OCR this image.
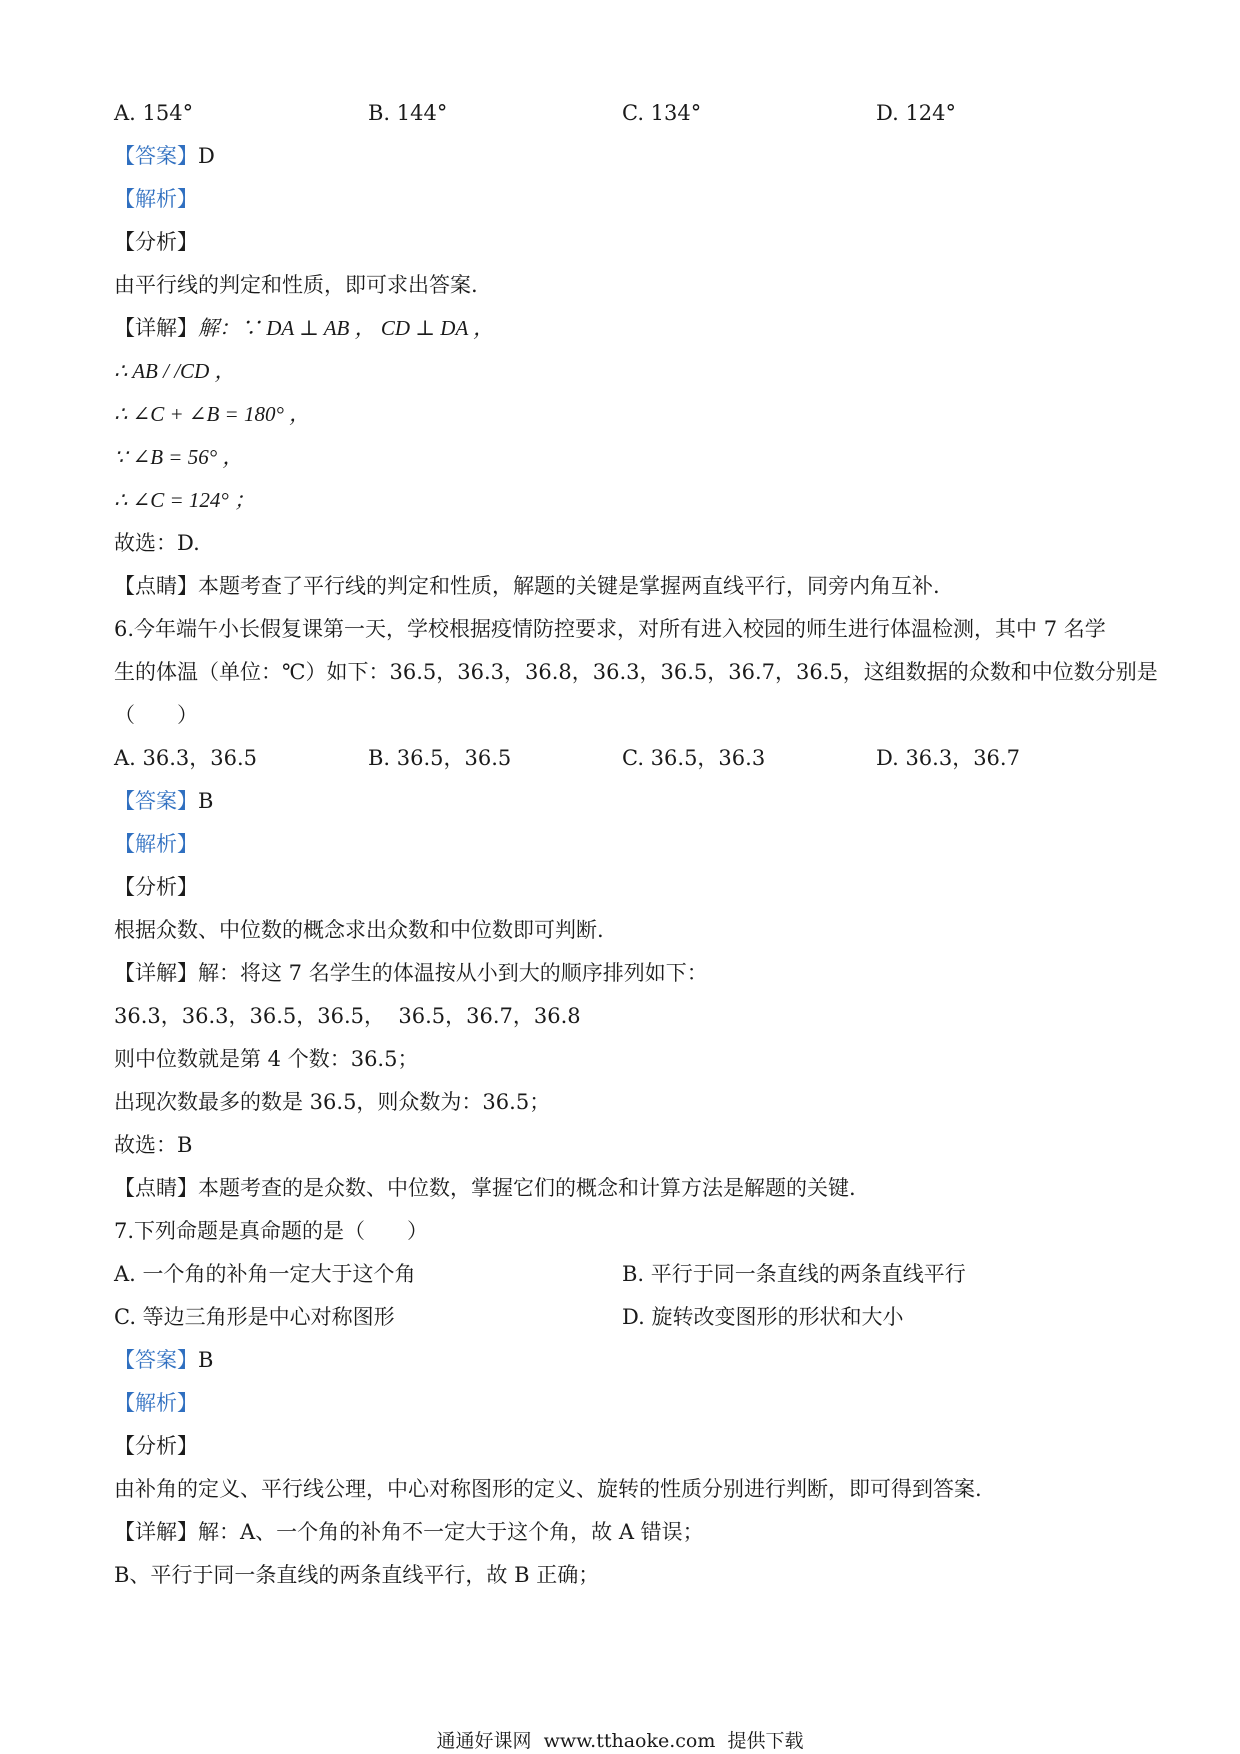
A. 154°	B. 144°	C. 134°	D. 124°
【答案】D
【解析】
【分析】
由平行线的判定和性质，即可求出答案.
【详解】解：∵ DA ⊥ AB ， CD ⊥ DA ，
∴ AB / /CD ，
∴ ∠C + ∠B = 180° ，
∵ ∠B = 56° ，
∴ ∠C = 124° ；
故选：D.
【点睛】本题考查了平行线的判定和性质，解题的关键是掌握两直线平行，同旁内角互补.
6.今年端午小长假复课第一天，学校根据疫情防控要求，对所有进入校园的师生进行体温检测，其中 7 名学
生的体温（单位：℃）如下：36.5，36.3，36.8，36.3，36.5，36.7，36.5，这组数据的众数和中位数分别是
（　　）
A. 36.3，36.5	B. 36.5，36.5	C. 36.5，36.3	D. 36.3，36.7
【答案】B
【解析】
【分析】
根据众数、中位数的概念求出众数和中位数即可判断.
【详解】解：将这 7 名学生的体温按从小到大的顺序排列如下：
36.3，36.3，36.5，36.5，  36.5，36.7，36.8
则中位数就是第 4 个数：36.5；
出现次数最多的数是 36.5，则众数为：36.5；
故选：B
【点睛】本题考查的是众数、中位数，掌握它们的概念和计算方法是解题的关键.
7.下列命题是真命题的是（　　）
A. 一个角的补角一定大于这个角	B. 平行于同一条直线的两条直线平行
C. 等边三角形是中心对称图形	D. 旋转改变图形的形状和大小
【答案】B
【解析】
【分析】
由补角的定义、平行线公理，中心对称图形的定义、旋转的性质分别进行判断，即可得到答案.
【详解】解：A、一个角的补角不一定大于这个角，故 A 错误；
B、平行于同一条直线的两条直线平行，故 B 正确；
通通好课网  www.tthaoke.com  提供下载
